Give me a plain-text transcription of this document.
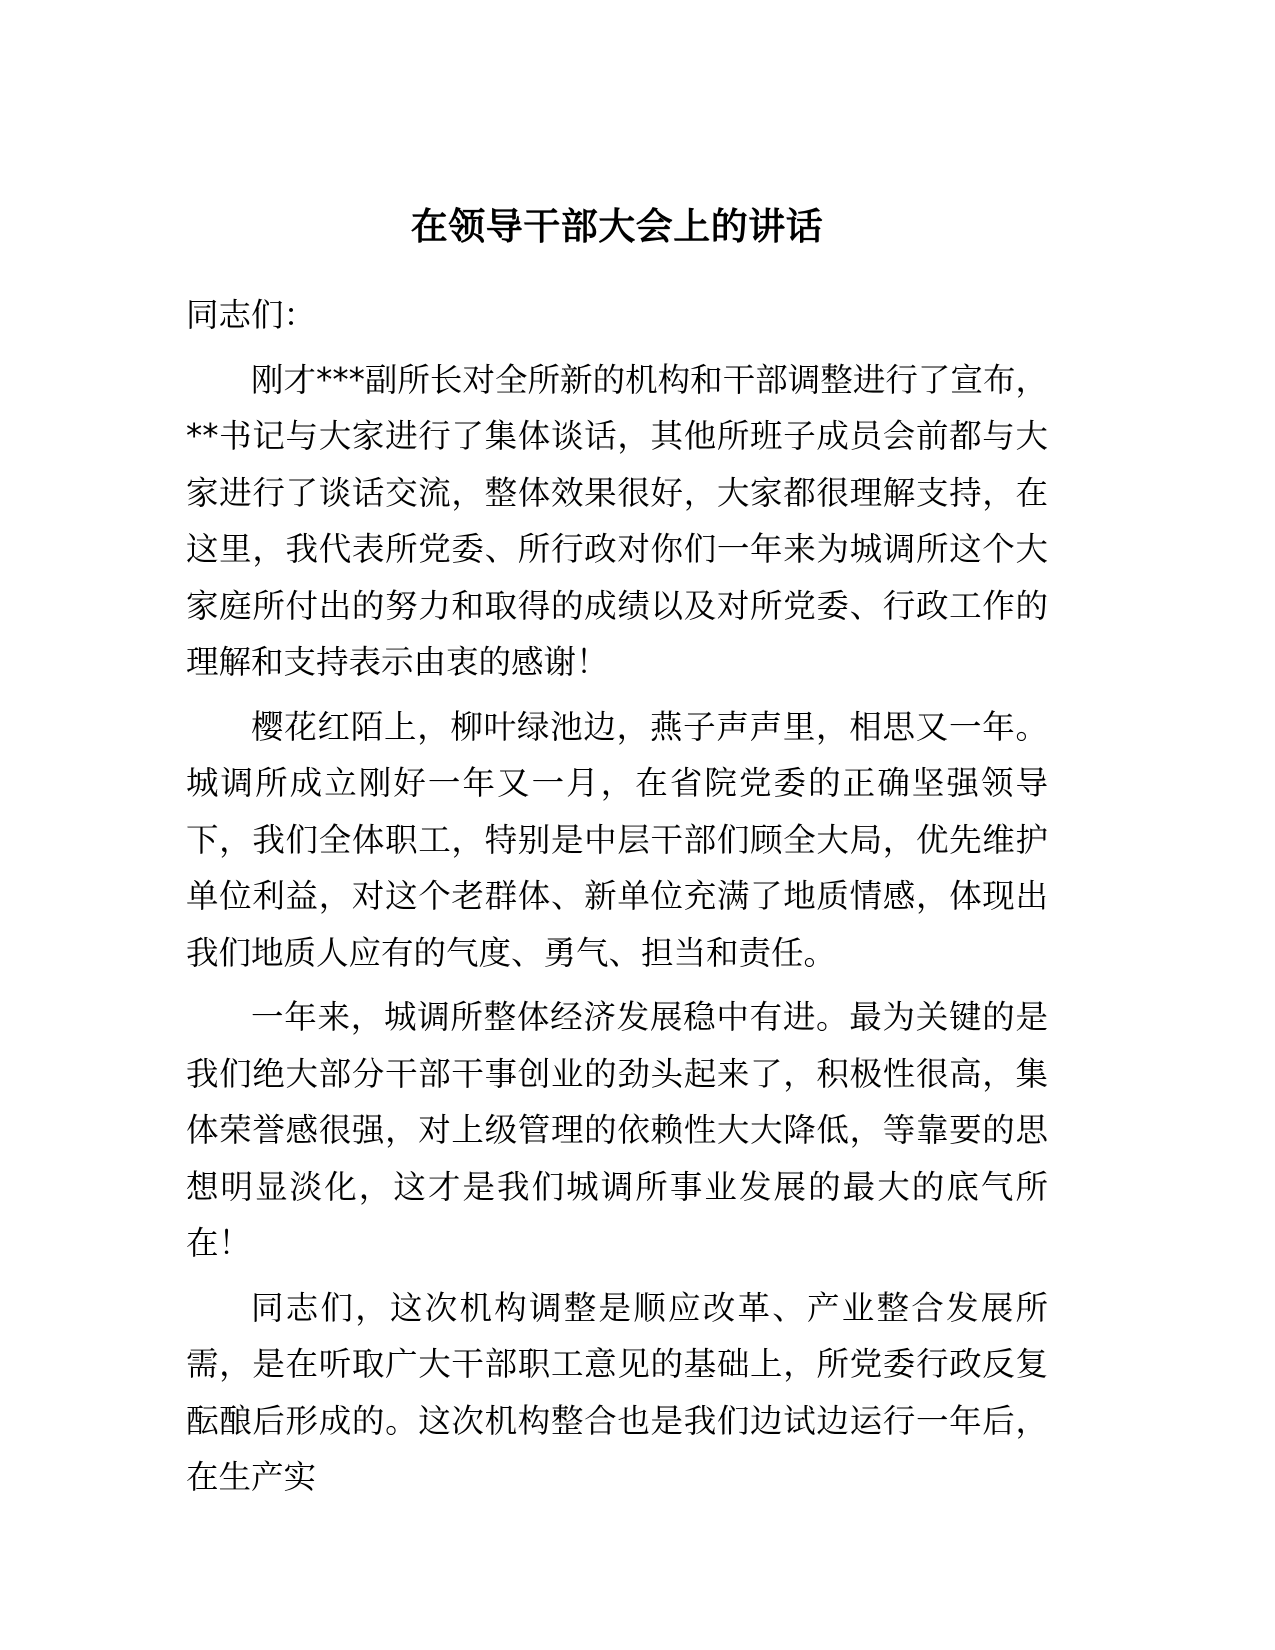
在领导干部大会上的讲话

同志们：

刚才***副所长对全所新的机构和干部调整进行了宣布，**书记与大家进行了集体谈话，其他所班子成员会前都与大家进行了谈话交流，整体效果很好，大家都很理解支持，在这里，我代表所党委、所行政对你们一年来为城调所这个大家庭所付出的努力和取得的成绩以及对所党委、行政工作的理解和支持表示由衷的感谢！

樱花红陌上，柳叶绿池边，燕子声声里，相思又一年。城调所成立刚好一年又一月，在省院党委的正确坚强领导下，我们全体职工，特别是中层干部们顾全大局，优先维护单位利益，对这个老群体、新单位充满了地质情感，体现出我们地质人应有的气度、勇气、担当和责任。

一年来，城调所整体经济发展稳中有进。最为关键的是我们绝大部分干部干事创业的劲头起来了，积极性很高，集体荣誉感很强，对上级管理的依赖性大大降低，等靠要的思想明显淡化，这才是我们城调所事业发展的最大的底气所在！

同志们，这次机构调整是顺应改革、产业整合发展所需，是在听取广大干部职工意见的基础上，所党委行政反复酝酿后形成的。这次机构整合也是我们边试边运行一年后，在生产实
